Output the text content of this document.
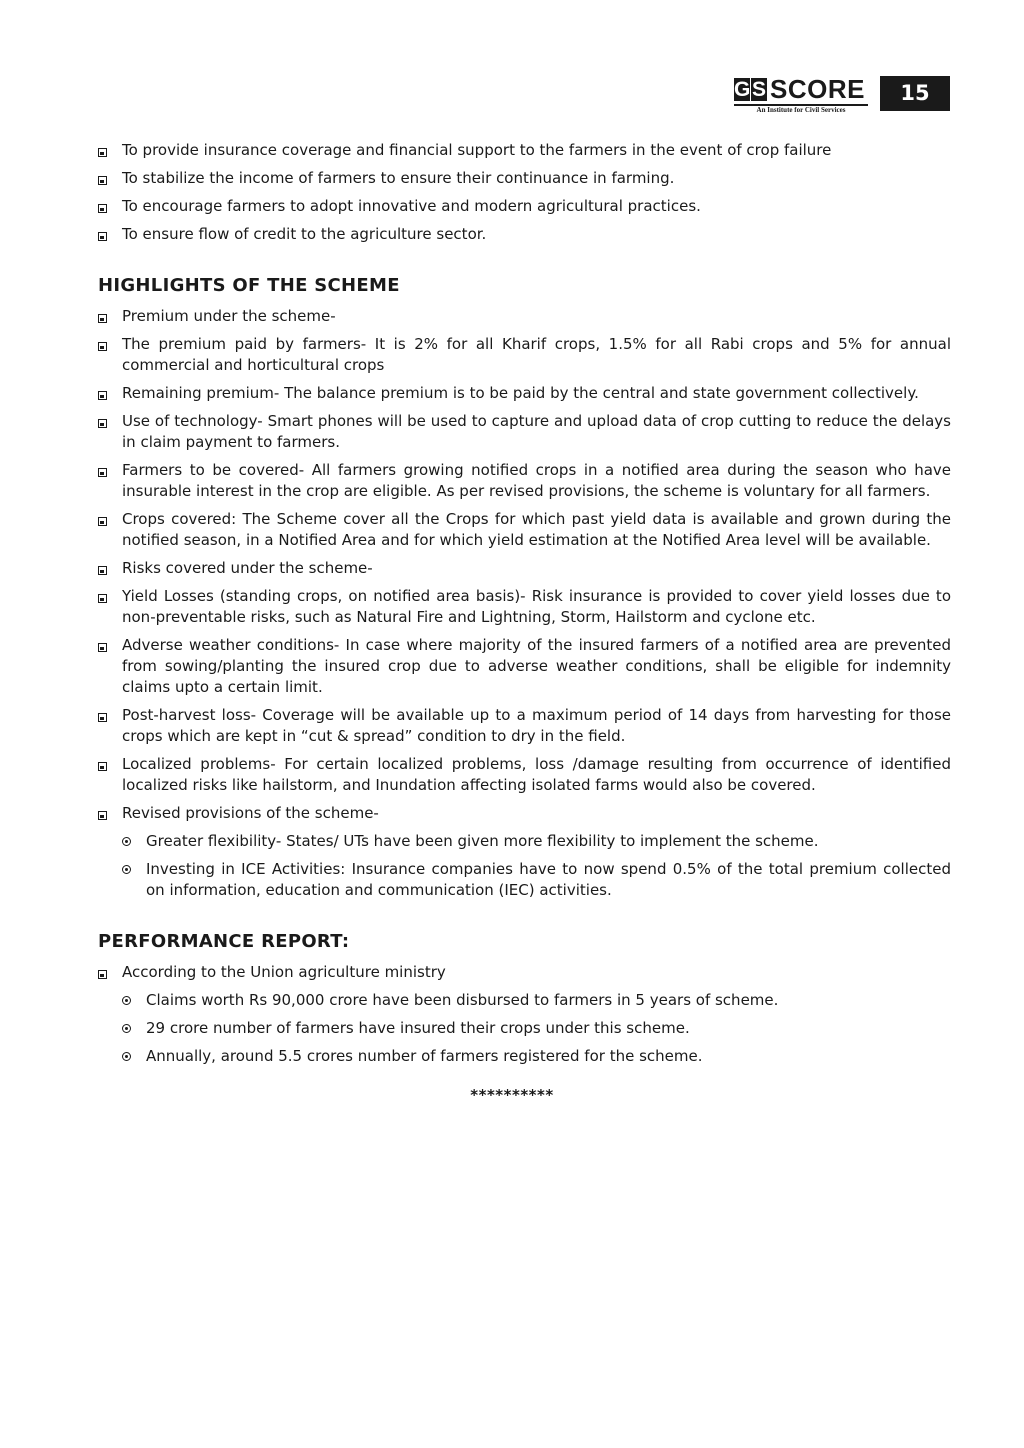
G S SCORE
An Institute for Civil Services
15
To provide insurance coverage and financial support to the farmers in the event of crop failure
To stabilize the income of farmers to ensure their continuance in farming.
To encourage farmers to adopt innovative and modern agricultural practices.
To ensure flow of credit to the agriculture sector.
HIGHLIGHTS OF THE SCHEME
Premium under the scheme-
The premium paid by farmers- It is 2% for all Kharif crops, 1.5% for all Rabi crops and 5% for annual commercial and horticultural crops
Remaining premium- The balance premium is to be paid by the central and state government collectively.
Use of technology- Smart phones will be used to capture and upload data of crop cutting to reduce the delays in claim payment to farmers.
Farmers to be covered- All farmers growing notified crops in a notified area during the season who have insurable interest in the crop are eligible. As per revised provisions, the scheme is voluntary for all farmers.
Crops covered: The Scheme cover all the Crops for which past yield data is available and grown during the notified season, in a Notified Area and for which yield estimation at the Notified Area level will be available.
Risks covered under the scheme-
Yield Losses (standing crops, on notified area basis)- Risk insurance is provided to cover yield losses due to non-preventable risks, such as Natural Fire and Lightning, Storm, Hailstorm and cyclone etc.
Adverse weather conditions- In case where majority of the insured farmers of a notified area are prevented from sowing/planting the insured crop due to adverse weather conditions, shall be eligible for indemnity claims upto a certain limit.
Post-harvest loss- Coverage will be available up to a maximum period of 14 days from harvesting for those crops which are kept in “cut & spread” condition to dry in the field.
Localized problems- For certain localized problems, loss /damage resulting from occurrence of identified localized risks like hailstorm, and Inundation affecting isolated farms would also be covered.
Revised provisions of the scheme-
Greater flexibility- States/ UTs have been given more flexibility to implement the scheme.
Investing in ICE Activities: Insurance companies have to now spend 0.5% of the total premium collected on information, education and communication (IEC) activities.
PERFORMANCE REPORT:
According to the Union agriculture ministry
Claims worth Rs 90,000 crore have been disbursed to farmers in 5 years of scheme.
29 crore number of farmers have insured their crops under this scheme.
Annually, around 5.5 crores number of farmers registered for the scheme.
**********
